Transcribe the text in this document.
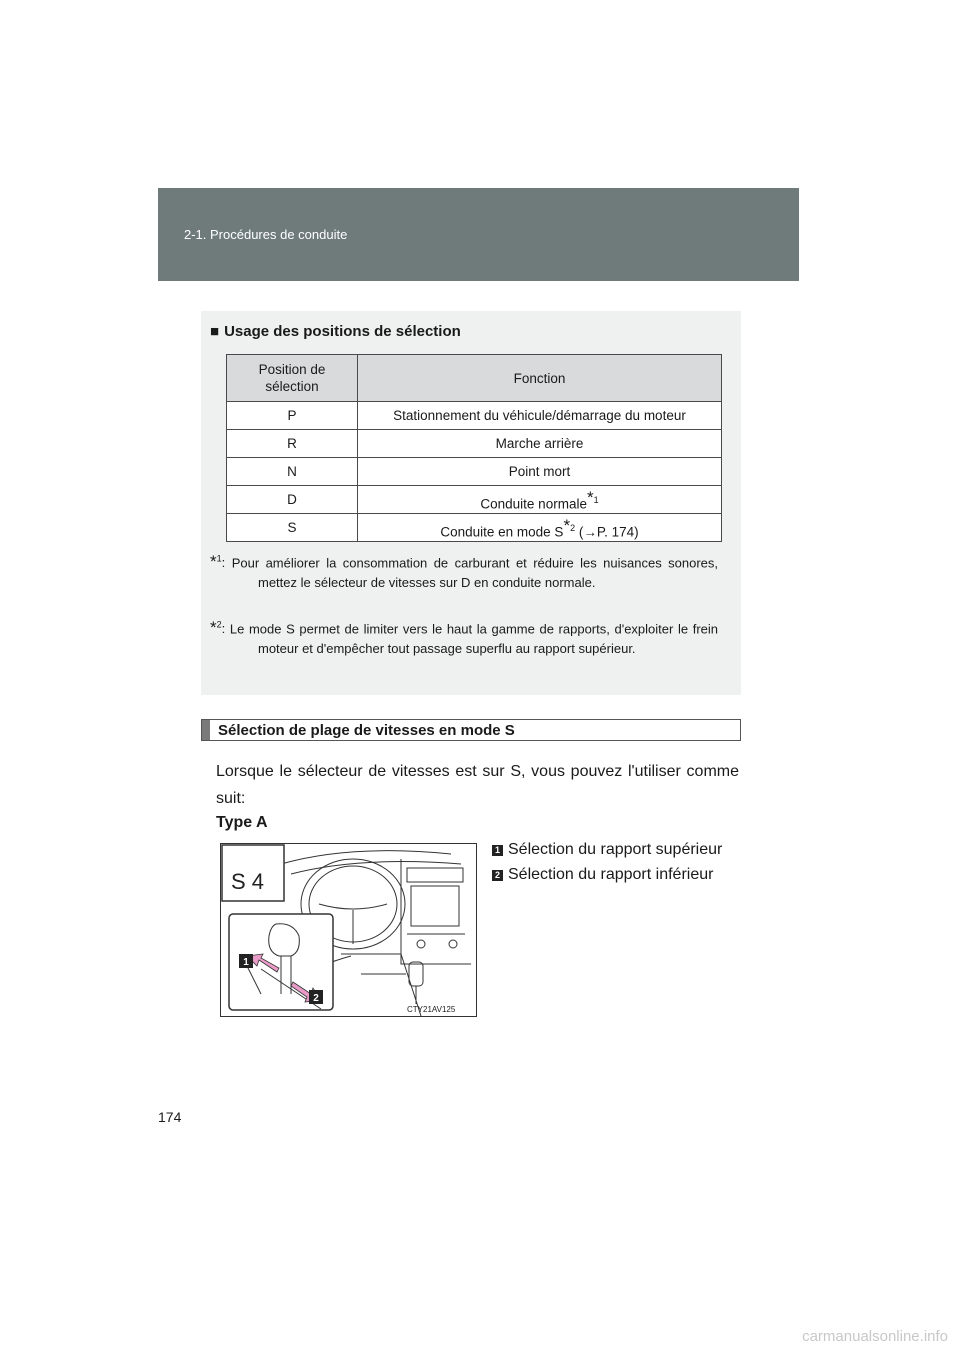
2-1. Procédures de conduite
■ Usage des positions de sélection
Position de sélection	Fonction
P	Stationnement du véhicule/démarrage du moteur
R	Marche arrière
N	Point mort
D	Conduite normale$^{*1}$
S	Conduite en mode $S^{*2}$ (→P. 174)
*$^1$: Pour améliorer la consommation de carburant et réduire les nuisances sonores, mettez le sélecteur de vitesses sur D en conduite normale.
*$^2$: Le mode S permet de limiter vers le haut la gamme de rapports, d'exploiter le frein moteur et d'empêcher tout passage superflu au rapport supérieur.
Sélection de plage de vitesses en mode S
Lorsque le sélecteur de vitesses est sur S, vous pouvez l'utiliser comme suit:
Type A
S 4
1
2
CTY21AV125
1 Sélection du rapport supérieur
2 Sélection du rapport inférieur
174
carmanualsonline.info
